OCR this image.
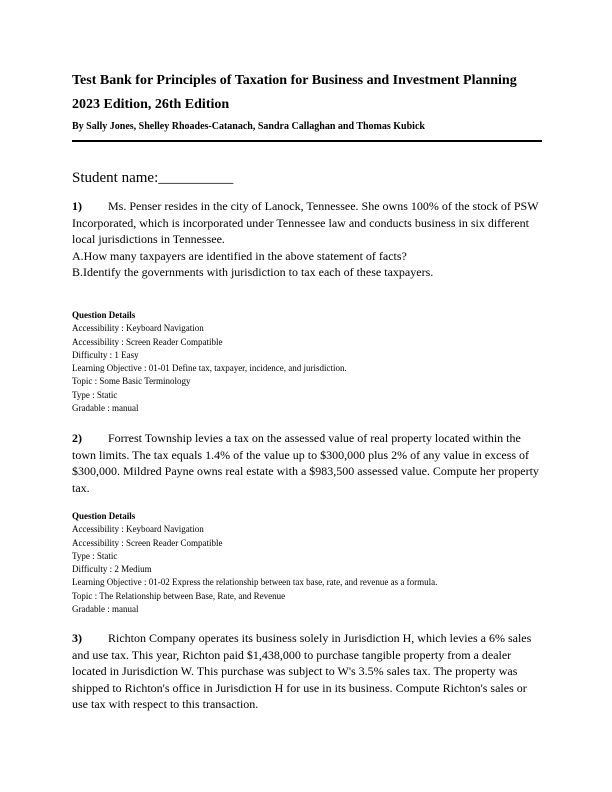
Test Bank for Principles of Taxation for Business and Investment Planning
2023 Edition, 26th Edition
By Sally Jones, Shelley Rhoades-Catanach, Sandra Callaghan and Thomas Kubick
Student name:__________
1) Ms. Penser resides in the city of Lanock, Tennessee. She owns 100% of the stock of PSW Incorporated, which is incorporated under Tennessee law and conducts business in six different local jurisdictions in Tennessee.
A.How many taxpayers are identified in the above statement of facts?
B.Identify the governments with jurisdiction to tax each of these taxpayers.
Question Details
Accessibility : Keyboard Navigation
Accessibility : Screen Reader Compatible
Difficulty : 1 Easy
Learning Objective : 01-01 Define tax, taxpayer, incidence, and jurisdiction.
Topic : Some Basic Terminology
Type : Static
Gradable : manual
2) Forrest Township levies a tax on the assessed value of real property located within the town limits. The tax equals 1.4% of the value up to $300,000 plus 2% of any value in excess of $300,000. Mildred Payne owns real estate with a $983,500 assessed value. Compute her property tax.
Question Details
Accessibility : Keyboard Navigation
Accessibility : Screen Reader Compatible
Type : Static
Difficulty : 2 Medium
Learning Objective : 01-02 Express the relationship between tax base, rate, and revenue as a formula.
Topic : The Relationship between Base, Rate, and Revenue
Gradable : manual
3) Richton Company operates its business solely in Jurisdiction H, which levies a 6% sales and use tax. This year, Richton paid $1,438,000 to purchase tangible property from a dealer located in Jurisdiction W. This purchase was subject to W's 3.5% sales tax. The property was shipped to Richton's office in Jurisdiction H for use in its business. Compute Richton's sales or use tax with respect to this transaction.
